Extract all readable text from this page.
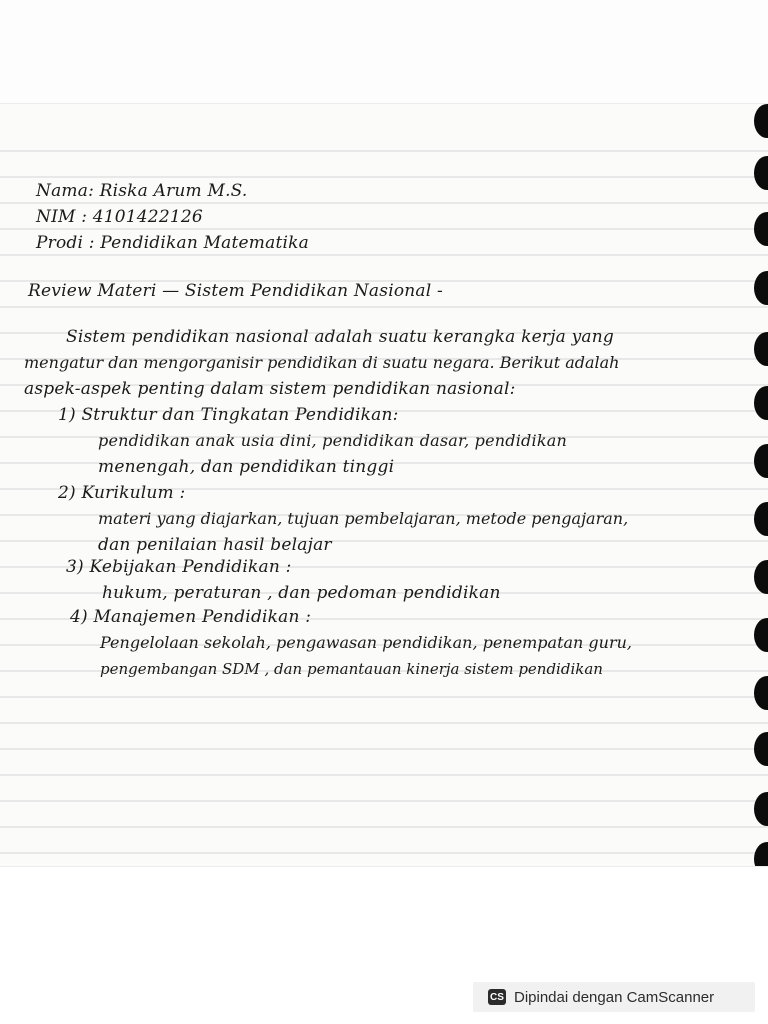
Nama: Riska Arum M.S.
NIM : 4101422126
Prodi : Pendidikan Matematika
Review Materi — Sistem Pendidikan Nasional -
Sistem pendidikan nasional adalah suatu kerangka kerja yang
mengatur dan mengorganisir pendidikan di suatu negara. Berikut adalah
aspek-aspek penting dalam sistem pendidikan nasional:
1) Struktur dan Tingkatan Pendidikan:
pendidikan anak usia dini, pendidikan dasar, pendidikan
menengah, dan pendidikan tinggi
2) Kurikulum :
materi yang diajarkan, tujuan pembelajaran, metode pengajaran,
dan penilaian hasil belajar
3) Kebijakan Pendidikan :
hukum, peraturan , dan pedoman pendidikan
4) Manajemen Pendidikan :
Pengelolaan sekolah, pengawasan pendidikan, penempatan guru,
pengembangan SDM , dan pemantauan kinerja sistem pendidikan
CS Dipindai dengan CamScanner
